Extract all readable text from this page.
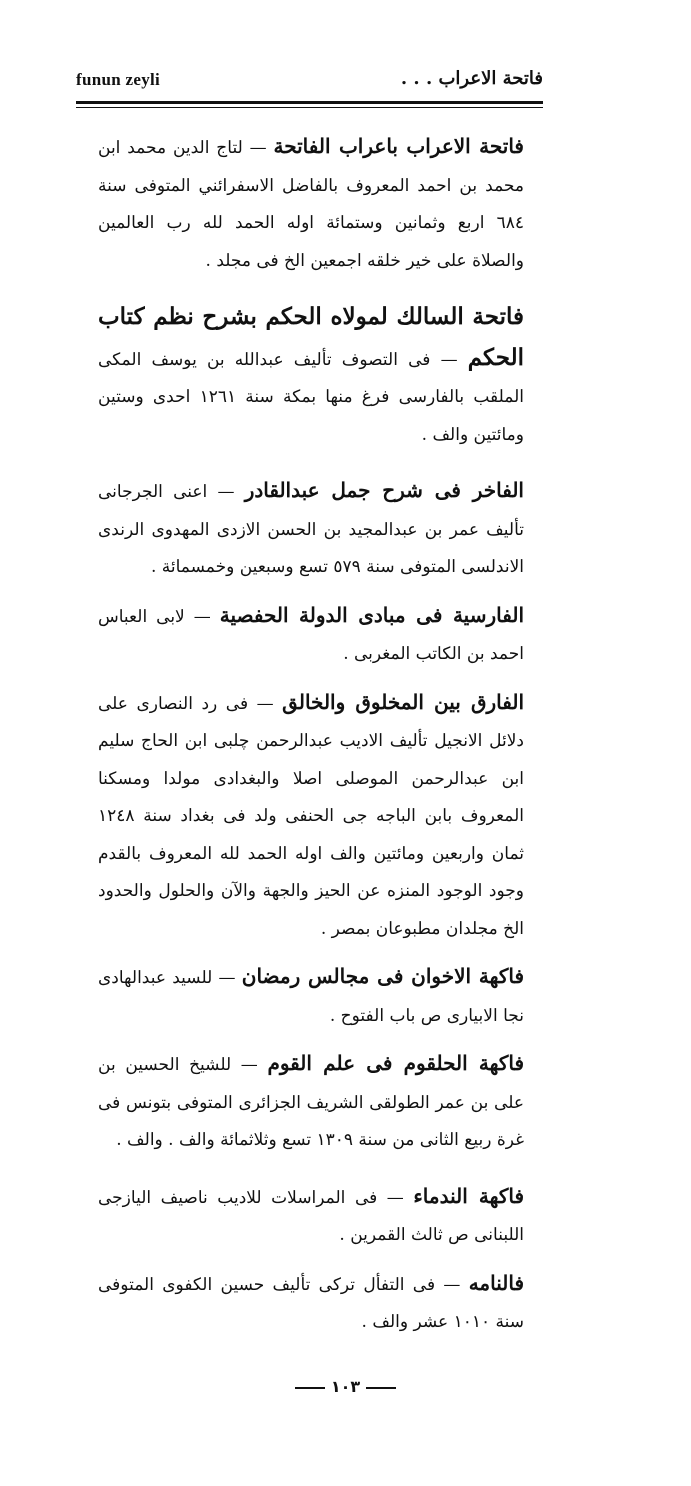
funun zeyli	فاتحة الاعراب . . .

فاتحة الاعراب باعراب الفاتحة — لتاج الدين محمد ابن محمد بن احمد المعروف بالفاضل الاسفرائني المتوفى سنة ٦٨٤ اربع وثمانين وستمائة اوله الحمد لله رب العالمين والصلاة على خير خلقه اجمعين الخ فى مجلد .

فاتحة السالك لمولاه الحكم بشرح نظم كتاب الحكم — فى التصوف تأليف عبدالله بن يوسف المكى الملقب بالفارسى فرغ منها بمكة سنة ١٢٦١ احدى وستين ومائتين والف .

الفاخر فى شرح جمل عبدالقادر — اعنى الجرجانى تأليف عمر بن عبدالمجيد بن الحسن الازدى المهدوى الرندى الاندلسى المتوفى سنة ٥٧٩ تسع وسبعين وخمسمائة .

الفارسية فى مبادى الدولة الحفصية — لابى العباس احمد بن الكاتب المغربى .

الفارق بين المخلوق والخالق — فى رد النصارى على دلائل الانجيل تأليف الاديب عبدالرحمن چلبى ابن الحاج سليم ابن عبدالرحمن الموصلى اصلا والبغدادى مولدا ومسكنا المعروف بابن الباجه جى الحنفى ولد فى بغداد سنة ١٢٤٨ ثمان واربعين ومائتين والف اوله الحمد لله المعروف بالقدم وجود الوجود المنزه عن الحيز والجهة والآن والحلول والحدود الخ مجلدان مطبوعان بمصر .

فاكهة الاخوان فى مجالس رمضان — للسيد عبدالهادى نجا الابيارى ص باب الفتوح .

فاكهة الحلقوم فى علم القوم — للشيخ الحسين بن على بن عمر الطولقى الشريف الجزائرى المتوفى بتونس فى غرة ربيع الثانى من سنة ١٣٠٩ تسع وثلاثمائة والف . والف .

فاكهة الندماء — فى المراسلات للاديب ناصيف اليازجى اللبنانى ص ثالث القمرين .

فالنامه — فى التفأل تركى تأليف حسين الكفوى المتوفى سنة ١٠١٠ عشر والف .

١٠٣
